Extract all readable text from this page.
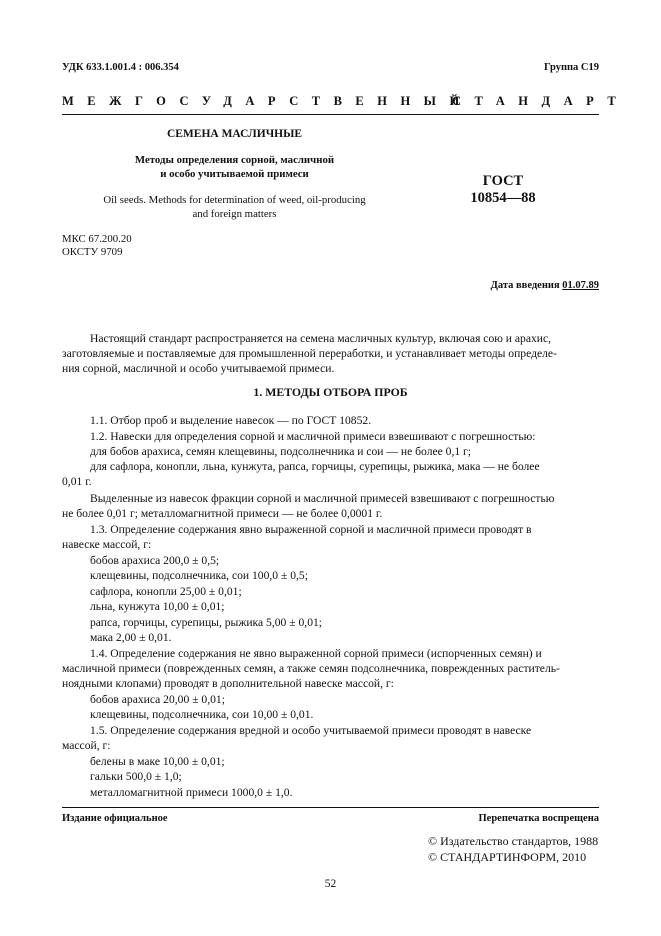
УДК 633.1.001.4 : 006.354	Группа С19
МЕЖГОСУДАРСТВЕННЫЙ
СТАНДАРТ
СЕМЕНА МАСЛИЧНЫЕ
Методы определения сорной, масличной
и особо учитываемой примеси
Oil seeds. Methods for determination of weed, oil-producing
and foreign matters
ГОСТ
10854—88
МКС 67.200.20
ОКСТУ 9709
Дата введения 01.07.89

Настоящий стандарт распространяется на семена масличных культур, включая сою и арахис,

заготовляемые и поставляемые для промышленной переработки, и устанавливает методы определе-

ния сорной, масличной и особо учитываемой примеси.

1. МЕТОДЫ ОТБОРА ПРОБ

1.1. Отбор проб и выделение навесок — по ГОСТ 10852.

1.2. Навески для определения сорной и масличной примеси взвешивают с погрешностью:

для бобов арахиса, семян клещевины, подсолнечника и сои — не более 0,1 г;

для сафлора, конопли, льна, кунжута, рапса, горчицы, сурепицы, рыжика, мака — не более

0,01 г.

Выделенные из навесок фракции сорной и масличной примесей взвешивают с погрешностью

не более 0,01 г; металломагнитной примеси — не более 0,0001 г.

1.3. Определение содержания явно выраженной сорной и масличной примеси проводят в

навеске массой, г:

бобов арахиса 200,0 ± 0,5;

клещевины, подсолнечника, сои 100,0 ± 0,5;

сафлора, конопли 25,00 ± 0,01;

льна, кунжута 10,00 ± 0,01;

рапса, горчицы, сурепицы, рыжика 5,00 ± 0,01;

мака 2,00 ± 0,01.

1.4. Определение содержания не явно выраженной сорной примеси (испорченных семян) и

масличной примеси (поврежденных семян, а также семян подсолнечника, поврежденных раститель-

ноядными клопами) проводят в дополнительной навеске массой, г:

бобов арахиса 20,00 ± 0,01;

клещевины, подсолнечника, сои 10,00 ± 0,01.

1.5. Определение содержания вредной и особо учитываемой примеси проводят в навеске

массой, г:

белены в маке 10,00 ± 0,01;

гальки 500,0 ± 1,0;

металломагнитной примеси 1000,0 ± 1,0.

Издание официальное	Перепечатка воспрещена
© Издательство стандартов, 1988
© СТАНДАРТИНФОРМ, 2010
52
